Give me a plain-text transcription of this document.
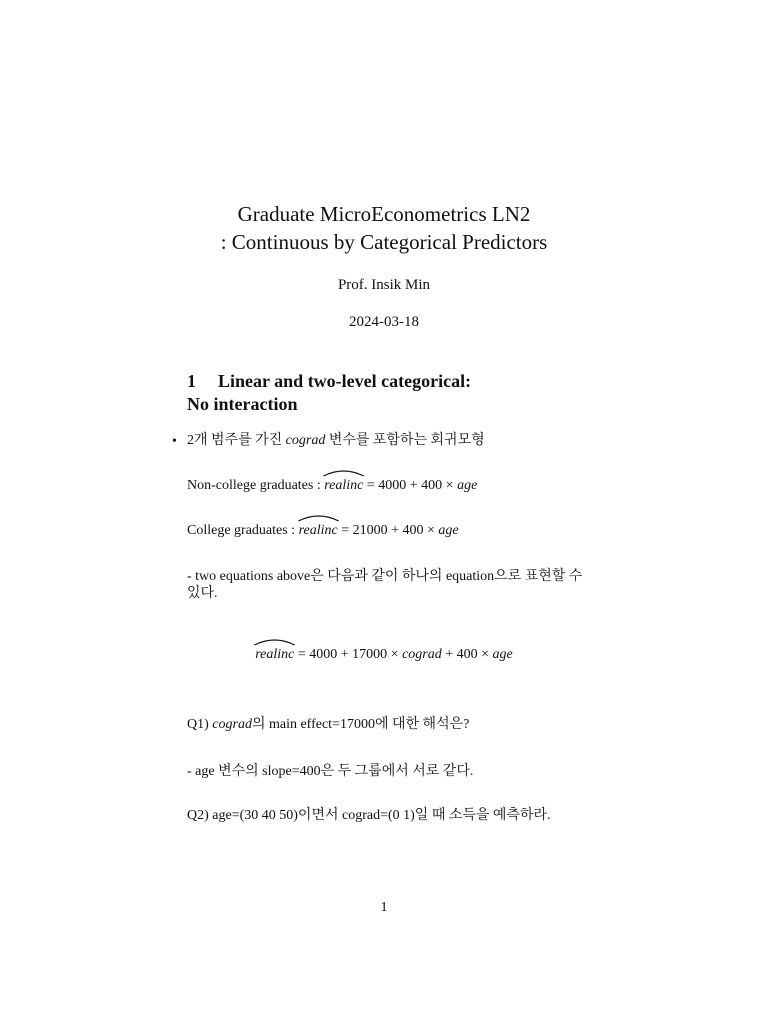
Graduate MicroEconometrics LN2
: Continuous by Categorical Predictors
Prof. Insik Min
2024-03-18
1 Linear and two-level categorical:
No interaction
• 2개 범주를 가진 cograd 변수를 포함하는 회귀모형
Non-college graduates :
realinc = 4000 + 400 × age
College graduates :
realinc = 21000 + 400 × age
- two equations above은 다음과 같이 하나의 equation으로 표현할 수
있다.
realinc = 4000 + 17000 × cograd + 400 × age
Q1) cograd의 main effect=17000에 대한 해석은?
- age 변수의 slope=400은 두 그룹에서 서로 같다.
Q2) age=(30 40 50)이면서 cograd=(0 1)일 때 소득을 예측하라.
1
